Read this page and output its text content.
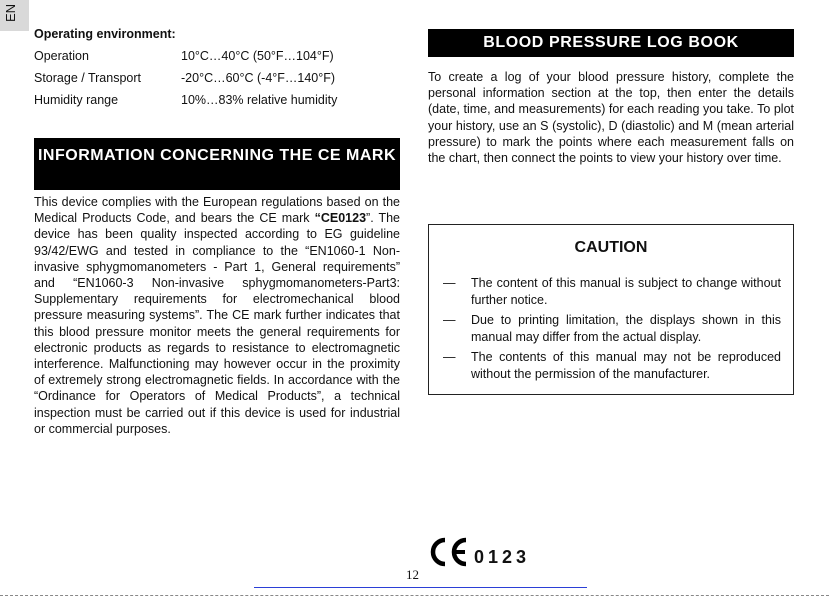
EN
Operating environment:
Operation	10°C…40°C (50°F…104°F)
Storage / Transport	-20°C…60°C (-4°F…140°F)
Humidity range	10%…83% relative humidity
INFORMATION CONCERNING THE CE MARK
This device complies with the European regulations based on the Medical Products Code, and bears the CE mark “CE0123”. The device has been quality inspected according to EG guideline 93/42/EWG and tested in compliance to the “EN1060-1 Non-invasive sphygmomanometers - Part 1, General requirements” and “EN1060-3 Non-invasive sphygmomanometers-Part3: Supplementary requirements for electromechanical blood pressure measuring systems”. The CE mark further indicates that this blood pressure monitor meets the general requirements for electronic products as regards to resistance to electromagnetic interference. Malfunctioning may however occur in the proximity of extremely strong electromagnetic fields. In accordance with the “Ordinance for Operators of Medical Products”, a technical inspection must be carried out if this device is used for industrial or commercial purposes.
BLOOD PRESSURE LOG BOOK
To create a log of your blood pressure history, complete the personal information section at the top, then enter the details (date, time, and measurements) for each reading you take. To plot your history, use an S (systolic), D (diastolic) and M (mean arterial pressure) to mark the points where each measurement falls on the chart, then connect the points to view your history over time.
CAUTION
— The content of this manual is subject to change without further notice.
— Due to printing limitation, the displays shown in this manual may differ from the actual display.
— The contents of this manual may not be reproduced without the permission of the manufacturer.
0123
12
